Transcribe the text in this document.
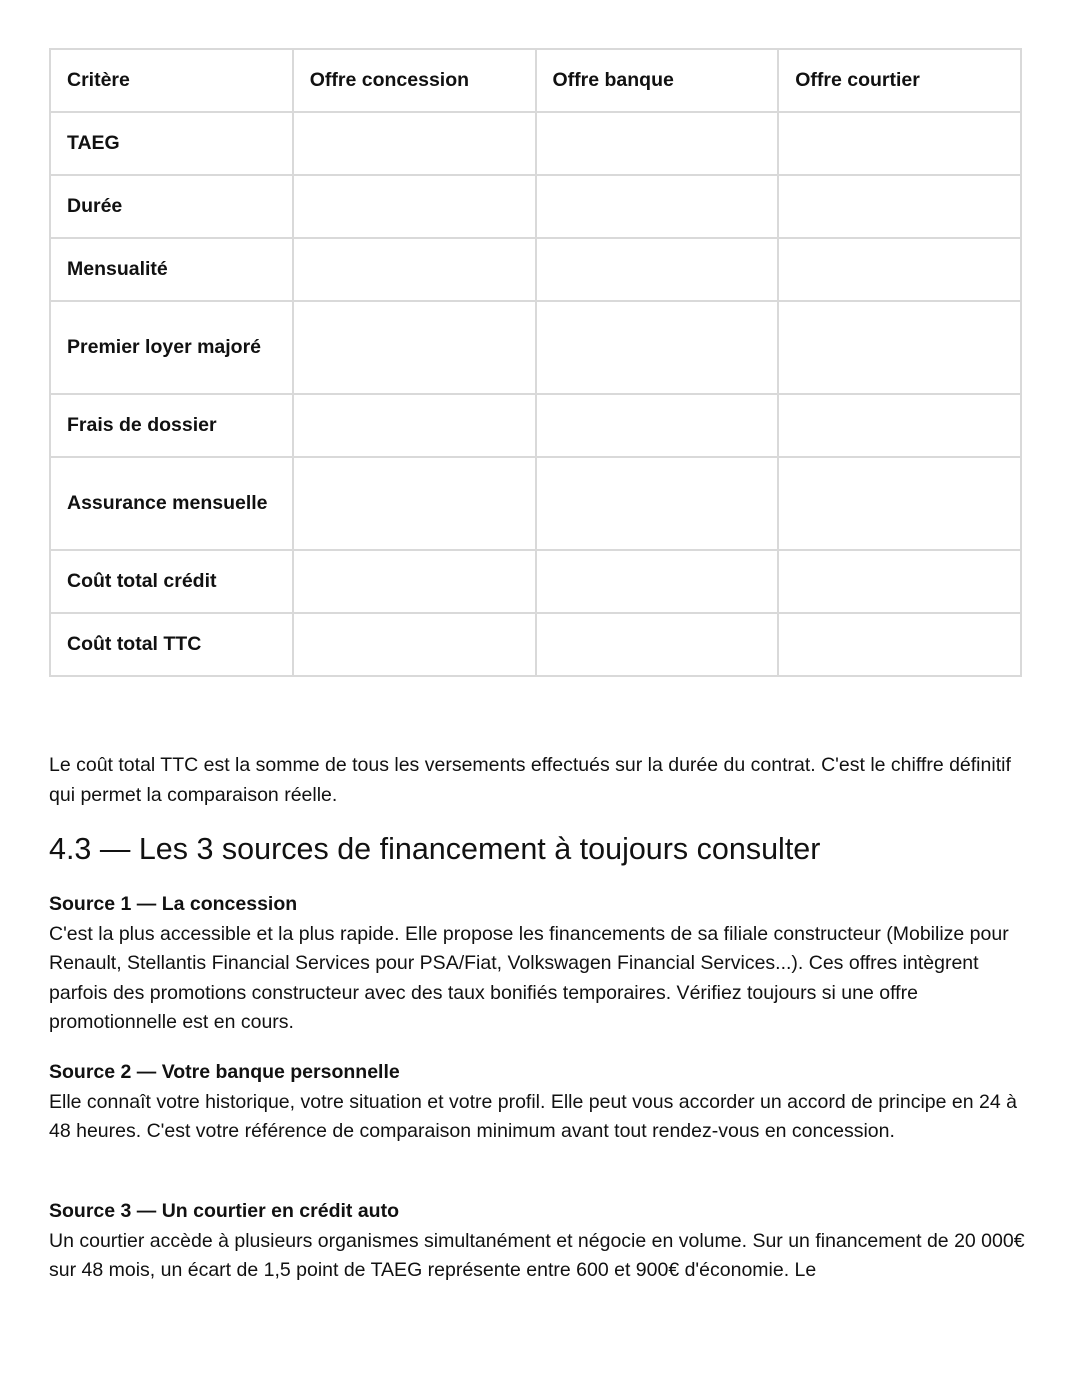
Critère	Offre concession	Offre banque	Offre courtier
TAEG			
Durée			
Mensualité			
Premier loyer majoré			
Frais de dossier			
Assurance mensuelle			
Coût total crédit			
Coût total TTC			

Le coût total TTC est la somme de tous les versements effectués sur la durée du contrat. C'est le chiffre définitif qui permet la comparaison réelle.

4.3 — Les 3 sources de financement à toujours consulter

Source 1 — La concession

C'est la plus accessible et la plus rapide. Elle propose les financements de sa filiale constructeur (Mobilize pour Renault, Stellantis Financial Services pour PSA/Fiat, Volkswagen Financial Services...). Ces offres intègrent parfois des promotions constructeur avec des taux bonifiés temporaires. Vérifiez toujours si une offre promotionnelle est en cours.

Source 2 — Votre banque personnelle

Elle connaît votre historique, votre situation et votre profil. Elle peut vous accorder un accord de principe en 24 à 48 heures. C'est votre référence de comparaison minimum avant tout rendez-vous en concession.

Source 3 — Un courtier en crédit auto

Un courtier accède à plusieurs organismes simultanément et négocie en volume. Sur un financement de 20 000€ sur 48 mois, un écart de 1,5 point de TAEG représente entre 600 et 900€ d'économie. Le
